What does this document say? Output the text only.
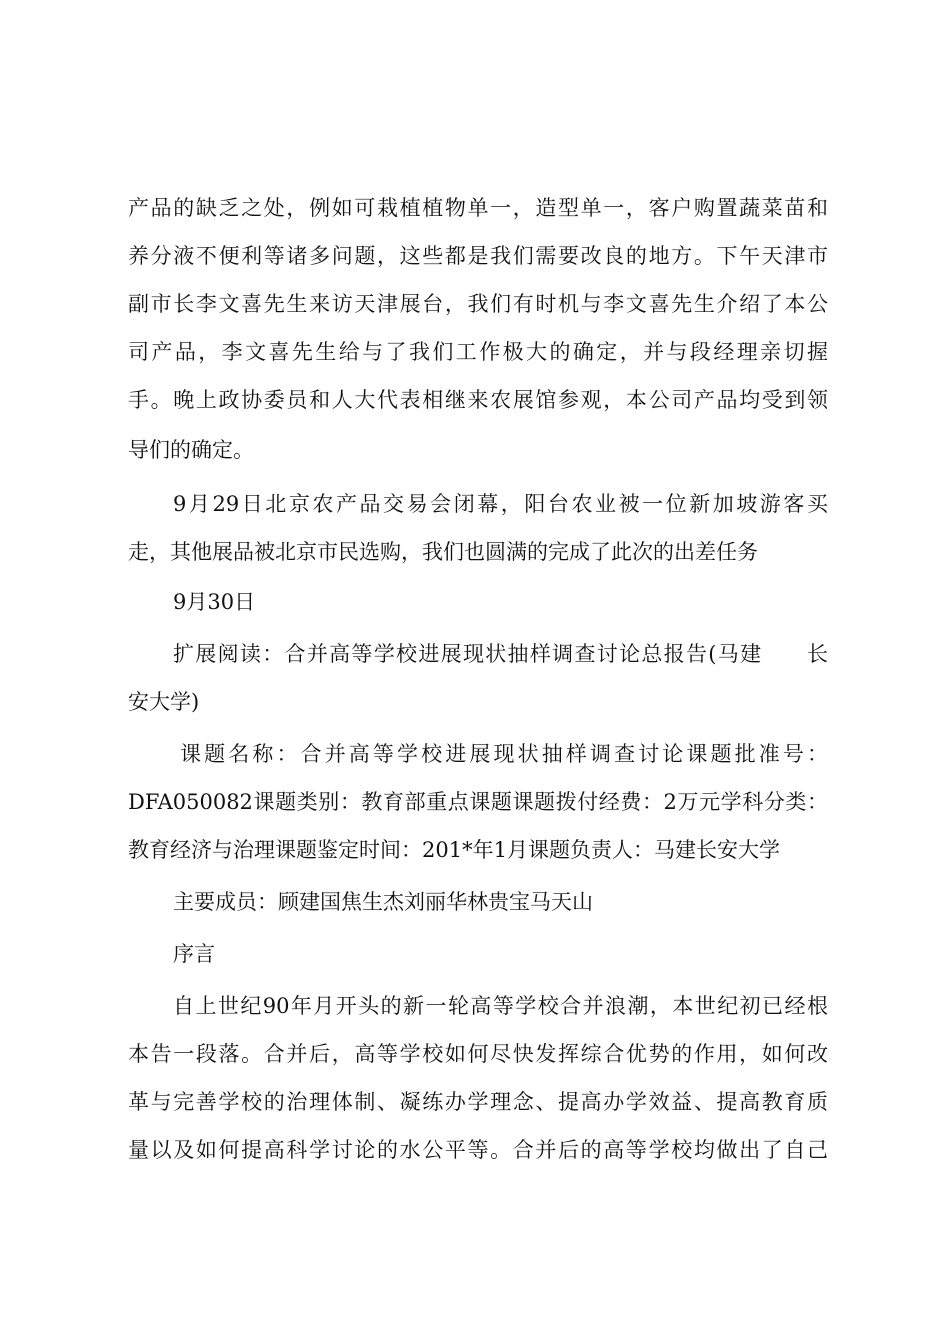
产品的缺乏之处，例如可栽植植物单一，造型单一，客户购置蔬菜苗和
养分液不便利等诸多问题，这些都是我们需要改良的地方。下午天津市
副市长李文喜先生来访天津展台，我们有时机与李文喜先生介绍了本公
司产品，李文喜先生给与了我们工作极大的确定，并与段经理亲切握
手。晚上政协委员和人大代表相继来农展馆参观，本公司产品均受到领
导们的确定。
9月29日北京农产品交易会闭幕，阳台农业被一位新加坡游客买
走，其他展品被北京市民选购，我们也圆满的完成了此次的出差任务
9月30日
扩展阅读：合并高等学校进展现状抽样调查讨论总报告(马建　　长
安大学)
课题名称：合并高等学校进展现状抽样调查讨论课题批准号：
DFA050082课题类别：教育部重点课题课题拨付经费：2万元学科分类：
教育经济与治理课题鉴定时间：201*年1月课题负责人：马建长安大学
主要成员：顾建国焦生杰刘丽华林贵宝马天山
序言
自上世纪90年月开头的新一轮高等学校合并浪潮，本世纪初已经根
本告一段落。合并后，高等学校如何尽快发挥综合优势的作用，如何改
革与完善学校的治理体制、凝练办学理念、提高办学效益、提高教育质
量以及如何提高科学讨论的水公平等。合并后的高等学校均做出了自己
